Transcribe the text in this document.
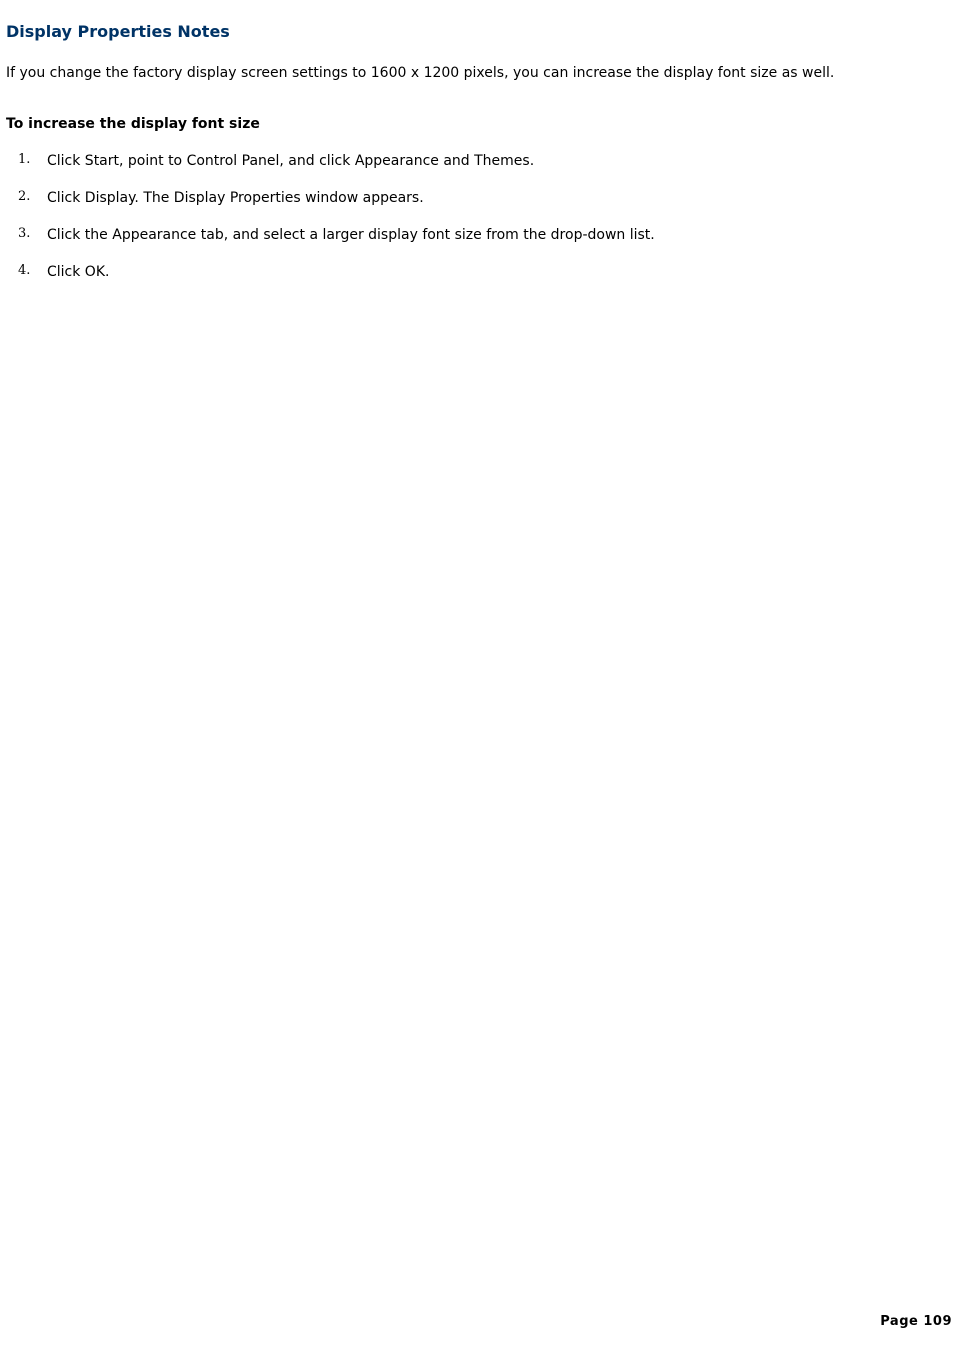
Display Properties Notes

If you change the factory display screen settings to 1600 x 1200 pixels, you can increase the display font size as well.

To increase the display font size
1. Click Start, point to Control Panel, and click Appearance and Themes.
2. Click Display. The Display Properties window appears.
3. Click the Appearance tab, and select a larger display font size from the drop-down list.
4. Click OK.
Page 109
